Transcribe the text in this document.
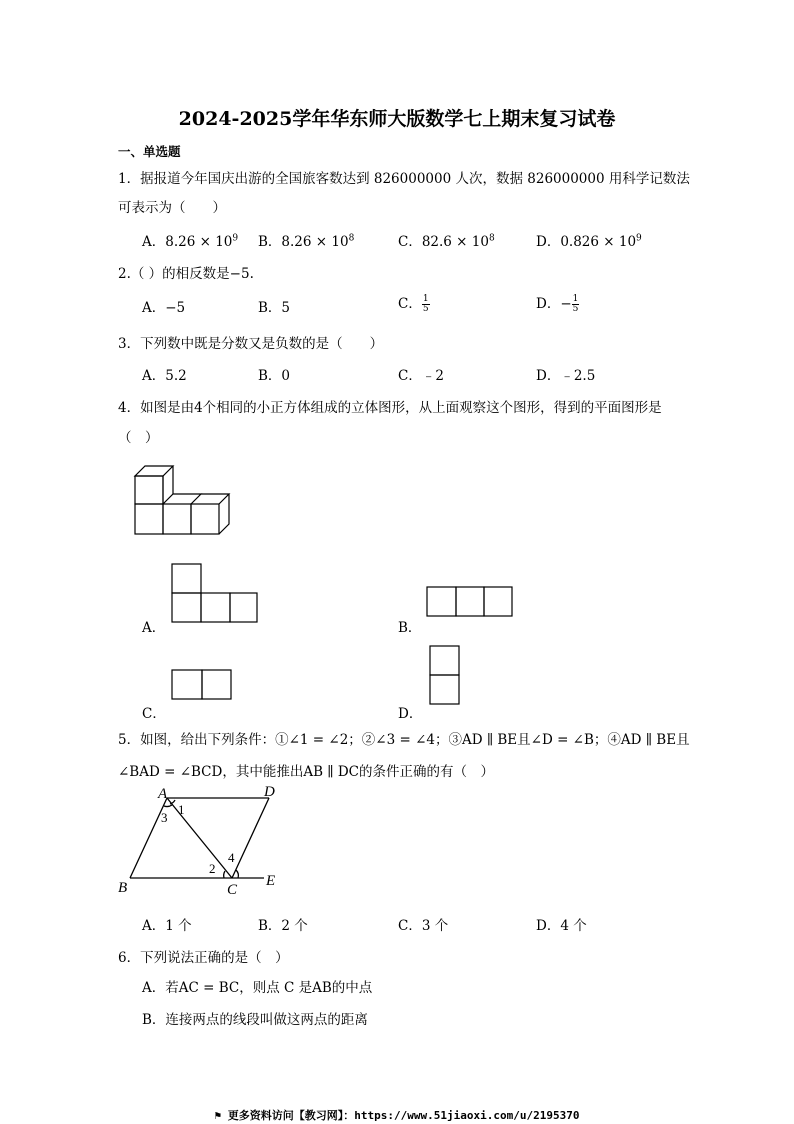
2024-2025学年华东师大版数学七上期末复习试卷
一、单选题
1．据报道今年国庆出游的全国旅客数达到 826000000 人次，数据 826000000 用科学记数法
可表示为（　　）
A．$8.26 \times 10^9$ B．$8.26 \times 10^8$	C．$82.6 \times 10^8$	D．$0.826 \times 10^9$
2.（ ）的相反数是−5.
A．−5	B．5	C． $\frac{1}{5}$	D．− $\frac{1}{5}$
3．下列数中既是分数又是负数的是（　　）
A．5.2	B．0	C．﹣2	D．﹣2.5
4．如图是由4个相同的小正方体组成的立体图形，从上面观察这个图形，得到的平面图形是
（　）
A．	B．
C．	D．
5．如图，给出下列条件：①∠1 = ∠2；②∠3 = ∠4；③AD ∥ BE且∠D = ∠B；④AD ∥ BE且
∠BAD = ∠BCD，其中能推出AB ∥ DC的条件正确的有（　）
A	D
B	C
E
1
3
2
4
A．1 个	B．2 个	C．3 个	D．4 个
6．下列说法正确的是（　）
A．若AC = BC，则点 C 是AB的中点
B．连接两点的线段叫做这两点的距离
⚑ 更多资料访问【教习网】：https://www.51jiaoxi.com/u/2195370
